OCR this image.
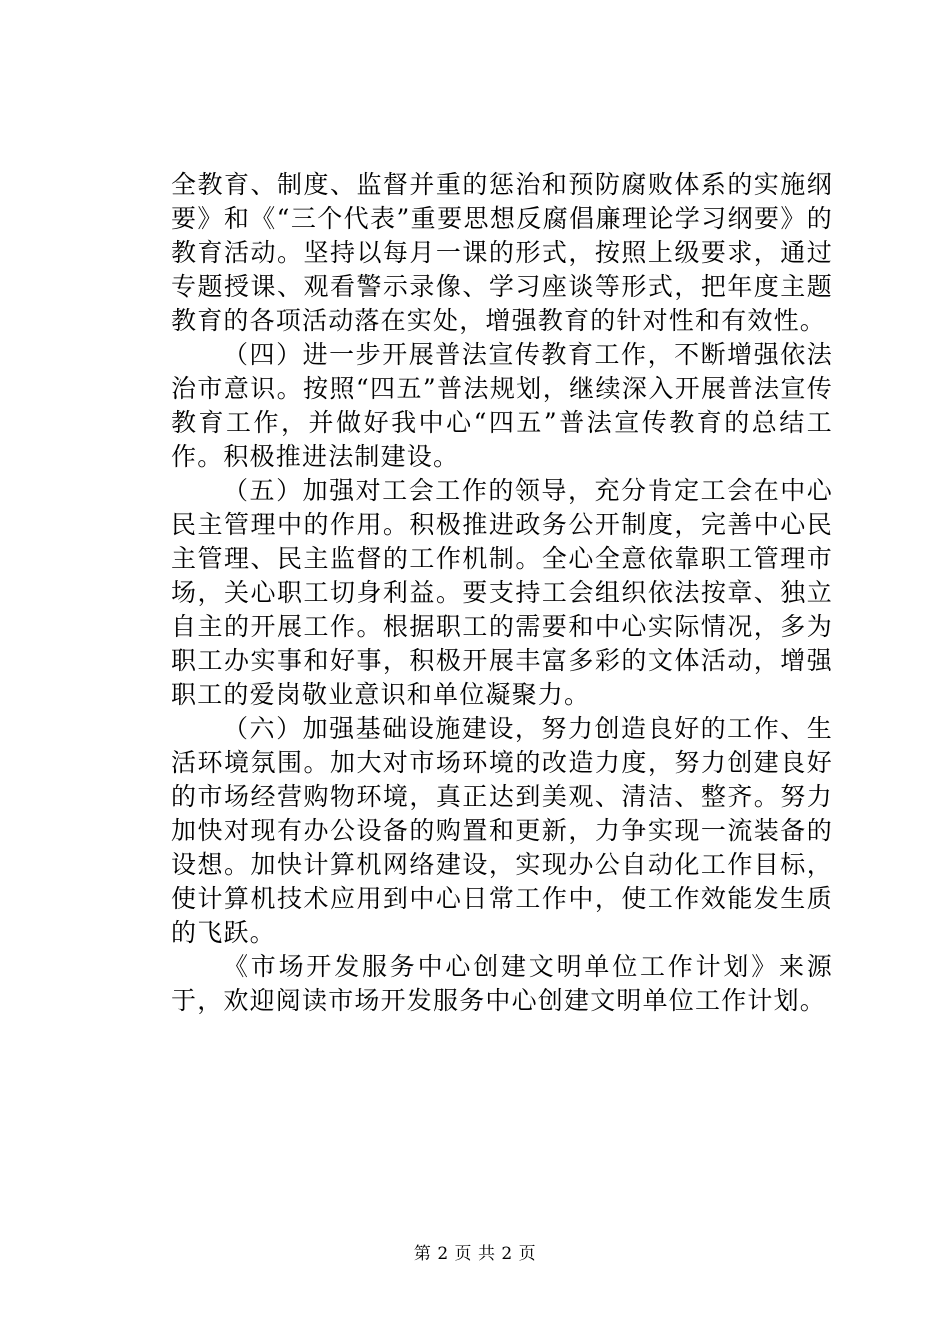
全教育、制度、监督并重的惩治和预防腐败体系的实施纲要》和《“三个代表”重要思想反腐倡廉理论学习纲要》的教育活动。坚持以每月一课的形式，按照上级要求，通过专题授课、观看警示录像、学习座谈等形式，把年度主题教育的各项活动落在实处，增强教育的针对性和有效性。

（四）进一步开展普法宣传教育工作，不断增强依法治市意识。按照“四五”普法规划，继续深入开展普法宣传教育工作，并做好我中心“四五”普法宣传教育的总结工作。积极推进法制建设。

（五）加强对工会工作的领导，充分肯定工会在中心民主管理中的作用。积极推进政务公开制度，完善中心民主管理、民主监督的工作机制。全心全意依靠职工管理市场，关心职工切身利益。要支持工会组织依法按章、独立自主的开展工作。根据职工的需要和中心实际情况，多为职工办实事和好事，积极开展丰富多彩的文体活动，增强职工的爱岗敬业意识和单位凝聚力。

（六）加强基础设施建设，努力创造良好的工作、生活环境氛围。加大对市场环境的改造力度，努力创建良好的市场经营购物环境，真正达到美观、清洁、整齐。努力加快对现有办公设备的购置和更新，力争实现一流装备的设想。加快计算机网络建设，实现办公自动化工作目标，使计算机技术应用到中心日常工作中，使工作效能发生质的飞跃。

《市场开发服务中心创建文明单位工作计划》来源于，欢迎阅读市场开发服务中心创建文明单位工作计划。

第 2 页 共 2 页
